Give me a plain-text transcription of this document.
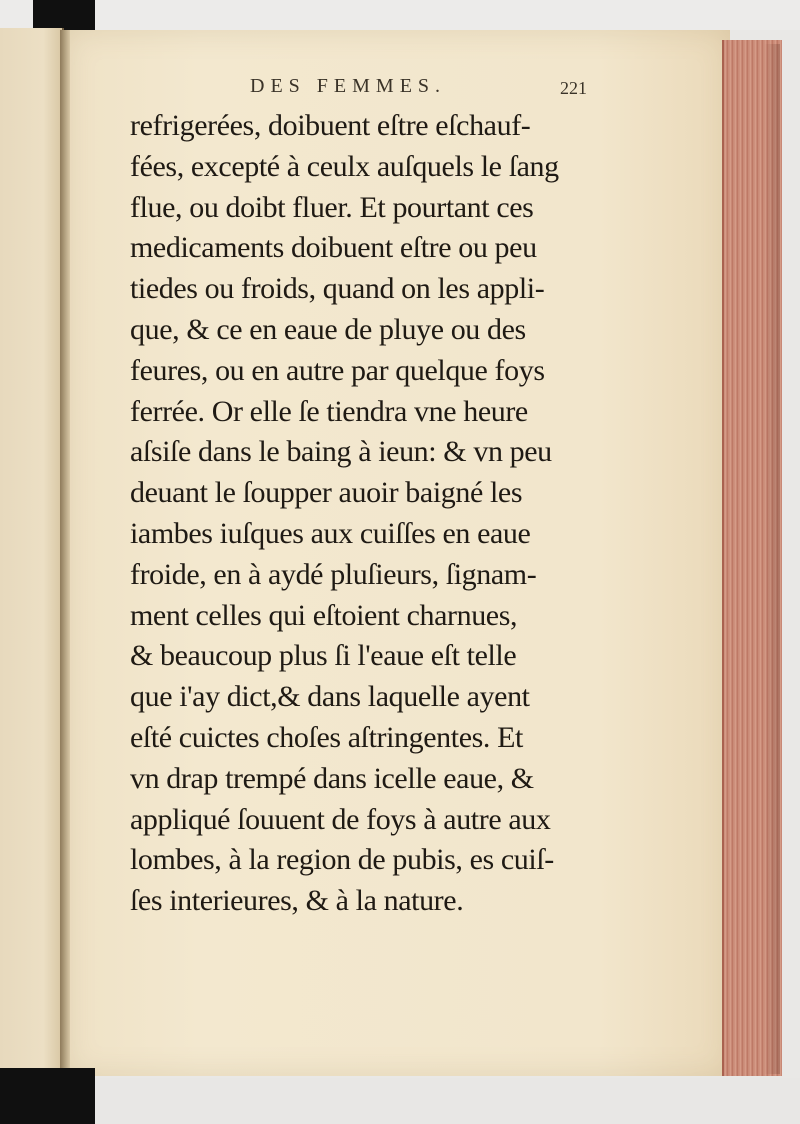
DES FEMMES.	221
refrigerées, doibuent eſtre eſchauf-
fées, excepté à ceulx auſquels le ſang
flue, ou doibt fluer. Et pourtant ces
medicaments doibuent eſtre ou peu
tiedes ou froids, quand on les appli-
que, & ce en eaue de pluye ou des
feures, ou en autre par quelque foys
ferrée. Or elle ſe tiendra vne heure
aſsiſe dans le baing à ieun: & vn peu
deuant le ſoupper auoir baigné les
iambes iuſques aux cuiſſes en eaue
froide, en à aydé pluſieurs, ſignam-
ment celles qui eſtoient charnues,
& beaucoup plus ſi l'eaue eſt telle
que i'ay dict,& dans laquelle ayent
eſté cuictes choſes aſtringentes. Et
vn drap trempé dans icelle eaue, &
appliqué ſouuent de foys à autre aux
lombes, à la region de pubis, es cuiſ-
ſes interieures, & à la nature.
